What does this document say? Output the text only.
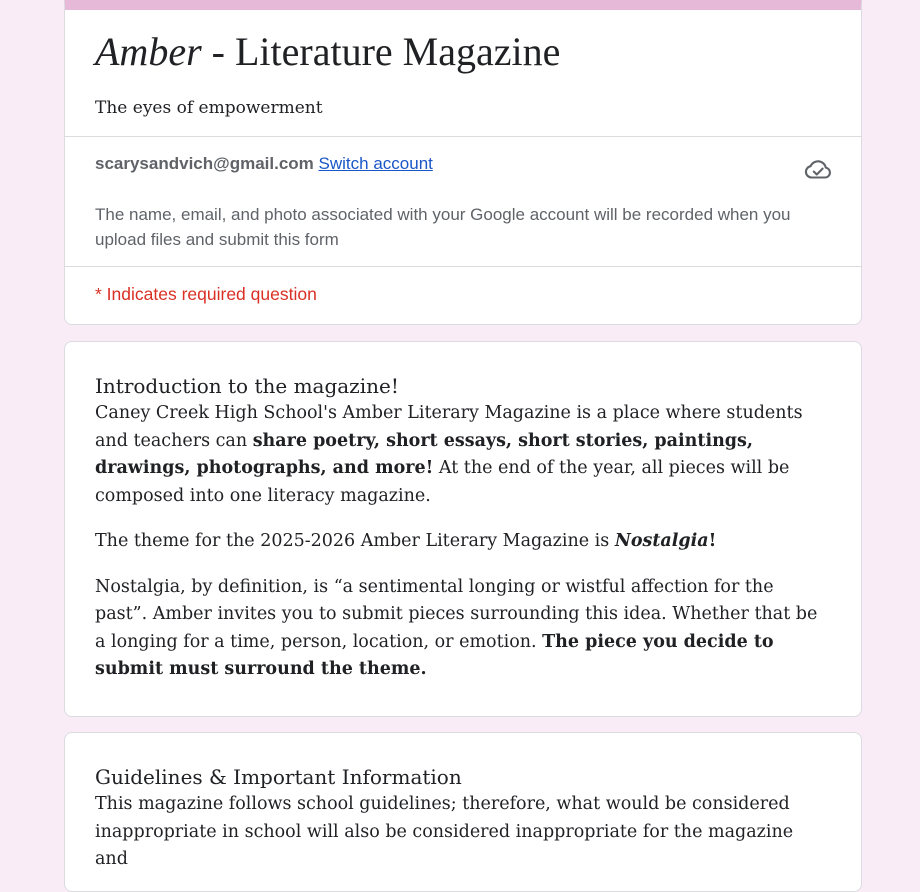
Amber - Literature Magazine

The eyes of empowerment

scarysandvich@gmail.com Switch account

The name, email, and photo associated with your Google account will be recorded when you upload files and submit this form

* Indicates required question

Introduction to the magazine!

Caney Creek High School's Amber Literary Magazine is a place where students and teachers can share poetry, short essays, short stories, paintings, drawings, photographs, and more! At the end of the year, all pieces will be composed into one literacy magazine.

The theme for the 2025-2026 Amber Literary Magazine is Nostalgia!

Nostalgia, by definition, is “a sentimental longing or wistful affection for the past”. Amber invites you to submit pieces surrounding this idea. Whether that be a longing for a time, person, location, or emotion. The piece you decide to submit must surround the theme.

Guidelines & Important Information

This magazine follows school guidelines; therefore, what would be considered inappropriate in school will also be considered inappropriate for the magazine and
